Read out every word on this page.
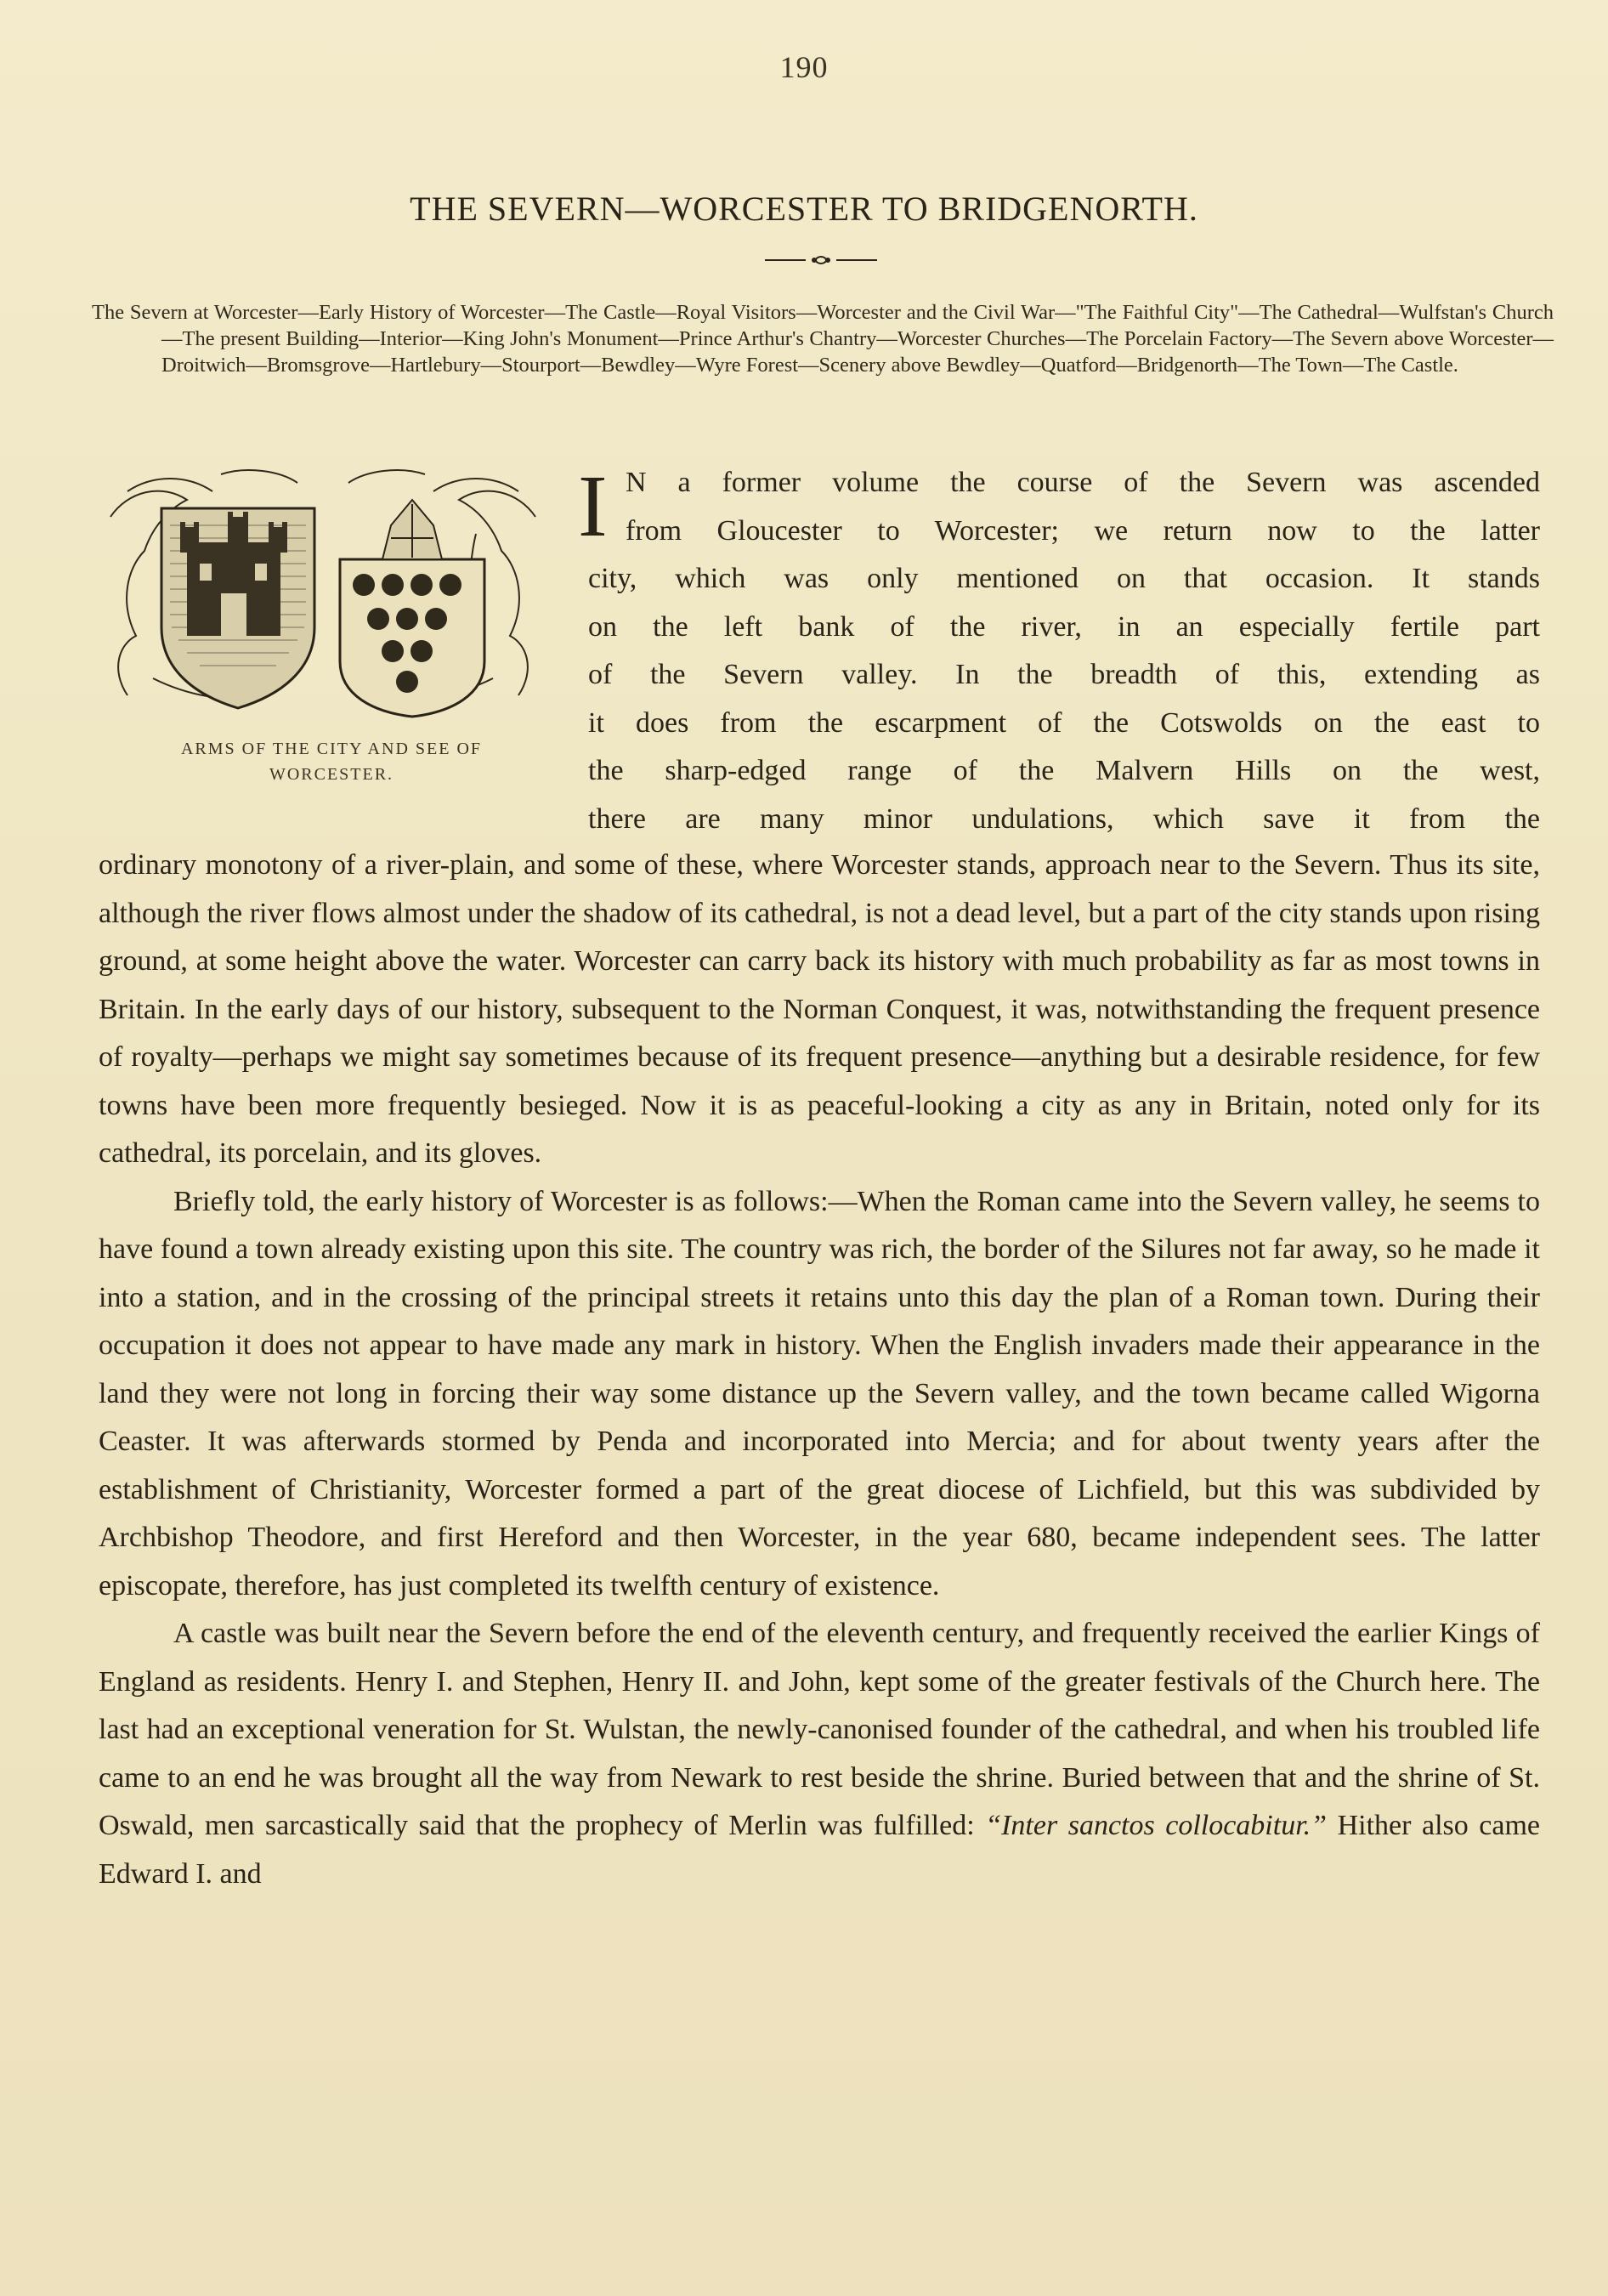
190
THE SEVERN—WORCESTER TO BRIDGENORTH.

The Severn at Worcester—Early History of Worcester—The Castle—Royal Visitors—Worcester and the Civil War—"The Faithful City"—The Cathedral—Wulfstan's Church—The present Building—Interior—King John's Monument—Prince Arthur's Chantry—Worcester Churches—The Porcelain Factory—The Severn above Worcester—Droitwich—Bromsgrove—Hartlebury—Stourport—Bewdley—Wyre Forest—Scenery above Bewdley—Quatford—Bridgenorth—The Town—The Castle.

ARMS OF THE CITY AND SEE OF
WORCESTER.
I N a former volume the course of the Severn was ascended
from Gloucester to Worcester; we return now to the latter
city, which was only mentioned on that occasion. It stands
on the left bank of the river, in an especially fertile part
of the Severn valley. In the breadth of this, extending as
it does from the escarpment of the Cotswolds on the east to
the sharp-edged range of the Malvern Hills on the west,
there are many minor undulations, which save it from the

ordinary monotony of a river-plain, and some of these, where Worcester stands, approach near to the Severn. Thus its site, although the river flows almost under the shadow of its cathedral, is not a dead level, but a part of the city stands upon rising ground, at some height above the water. Worcester can carry back its history with much probability as far as most towns in Britain. In the early days of our history, subsequent to the Norman Conquest, it was, notwithstanding the frequent presence of royalty—perhaps we might say sometimes because of its frequent presence—anything but a desirable residence, for few towns have been more frequently besieged. Now it is as peaceful-looking a city as any in Britain, noted only for its cathedral, its porcelain, and its gloves.

Briefly told, the early history of Worcester is as follows:—When the Roman came into the Severn valley, he seems to have found a town already existing upon this site. The country was rich, the border of the Silures not far away, so he made it into a station, and in the crossing of the principal streets it retains unto this day the plan of a Roman town. During their occupation it does not appear to have made any mark in history. When the English invaders made their appearance in the land they were not long in forcing their way some distance up the Severn valley, and the town became called Wigorna Ceaster. It was afterwards stormed by Penda and incorporated into Mercia; and for about twenty years after the establishment of Christianity, Worcester formed a part of the great diocese of Lichfield, but this was subdivided by Archbishop Theodore, and first Hereford and then Worcester, in the year 680, became independent sees. The latter episcopate, therefore, has just completed its twelfth century of existence.

A castle was built near the Severn before the end of the eleventh century, and frequently received the earlier Kings of England as residents. Henry I. and Stephen, Henry II. and John, kept some of the greater festivals of the Church here. The last had an exceptional veneration for St. Wulstan, the newly-canonised founder of the cathedral, and when his troubled life came to an end he was brought all the way from Newark to rest beside the shrine. Buried between that and the shrine of St. Oswald, men sarcastically said that the prophecy of Merlin was fulfilled: “Inter sanctos collocabitur.” Hither also came Edward I. and
